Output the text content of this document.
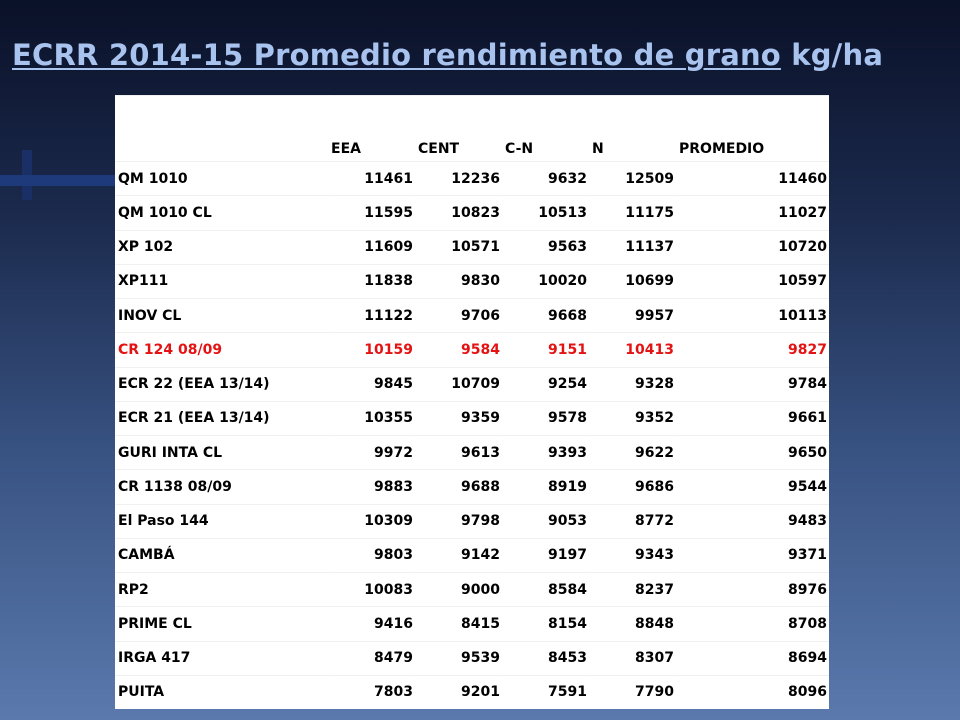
ECRR 2014-15 Promedio rendimiento de grano kg/ha
	EEA	CENT	C-N	N	PROMEDIO
QM 1010	11461	12236	9632	12509	11460
QM 1010 CL	11595	10823	10513	11175	11027
XP 102	11609	10571	9563	11137	10720
XP111	11838	9830	10020	10699	10597
INOV CL	11122	9706	9668	9957	10113
CR 124 08/09	10159	9584	9151	10413	9827
ECR 22 (EEA 13/14)	9845	10709	9254	9328	9784
ECR 21 (EEA 13/14)	10355	9359	9578	9352	9661
GURI INTA CL	9972	9613	9393	9622	9650
CR 1138 08/09	9883	9688	8919	9686	9544
El Paso 144	10309	9798	9053	8772	9483
CAMBÁ	9803	9142	9197	9343	9371
RP2	10083	9000	8584	8237	8976
PRIME CL	9416	8415	8154	8848	8708
IRGA 417	8479	9539	8453	8307	8694
PUITA	7803	9201	7591	7790	8096
